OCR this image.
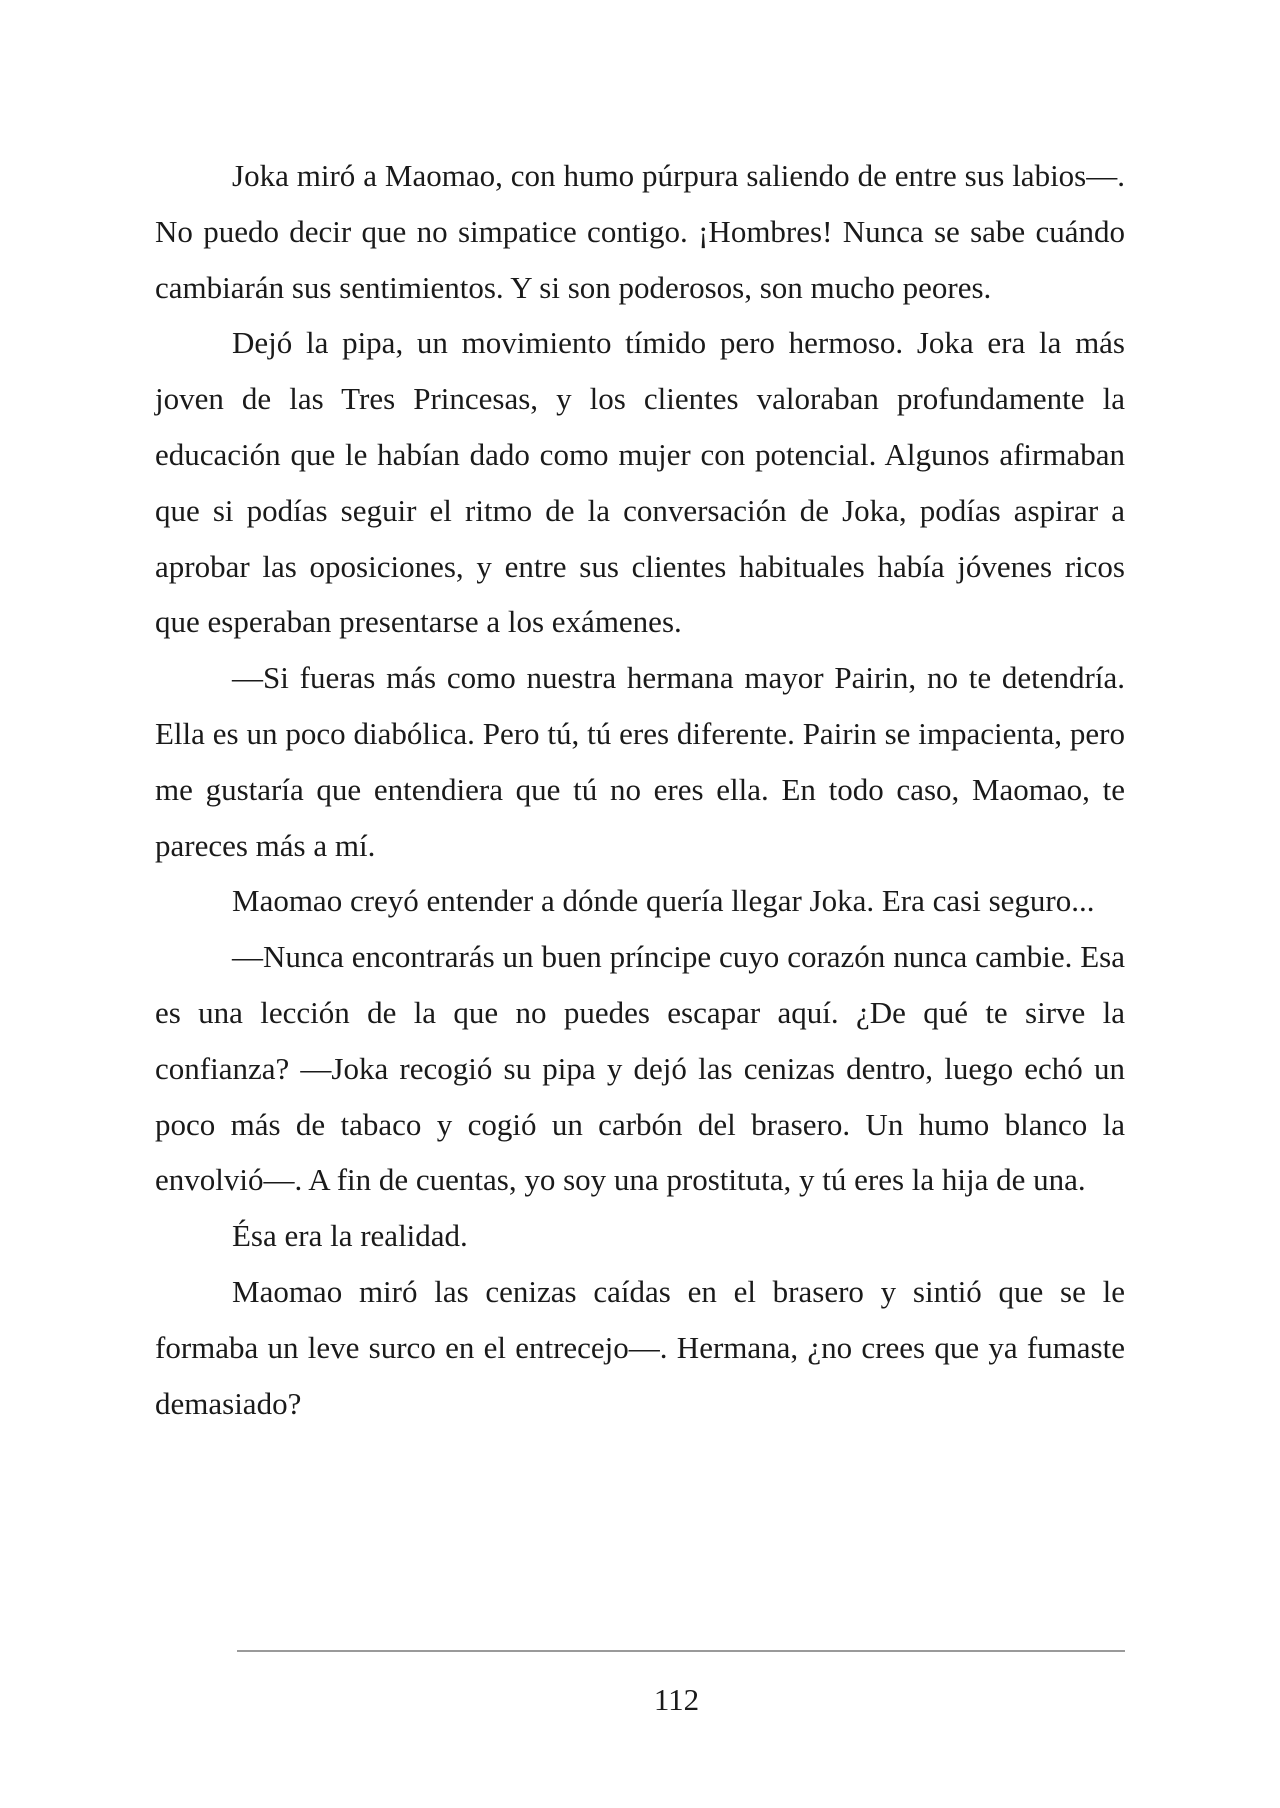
Joka miró a Maomao, con humo púrpura saliendo de entre sus labios—. No puedo decir que no simpatice contigo. ¡Hombres! Nunca se sabe cuándo cambiarán sus sentimientos. Y si son poderosos, son mucho peores.

Dejó la pipa, un movimiento tímido pero hermoso. Joka era la más joven de las Tres Princesas, y los clientes valoraban profundamente la educación que le habían dado como mujer con potencial. Algunos afirmaban que si podías seguir el ritmo de la conversación de Joka, podías aspirar a aprobar las oposiciones, y entre sus clientes habituales había jóvenes ricos que esperaban presentarse a los exámenes.

—Si fueras más como nuestra hermana mayor Pairin, no te detendría. Ella es un poco diabólica. Pero tú, tú eres diferente. Pairin se impacienta, pero me gustaría que entendiera que tú no eres ella. En todo caso, Maomao, te pareces más a mí.

Maomao creyó entender a dónde quería llegar Joka. Era casi seguro...

—Nunca encontrarás un buen príncipe cuyo corazón nunca cambie. Esa es una lección de la que no puedes escapar aquí. ¿De qué te sirve la confianza? —Joka recogió su pipa y dejó las cenizas dentro, luego echó un poco más de tabaco y cogió un carbón del brasero. Un humo blanco la envolvió—. A fin de cuentas, yo soy una prostituta, y tú eres la hija de una.

Ésa era la realidad.

Maomao miró las cenizas caídas en el brasero y sintió que se le formaba un leve surco en el entrecejo—. Hermana, ¿no crees que ya fumaste demasiado?

112
